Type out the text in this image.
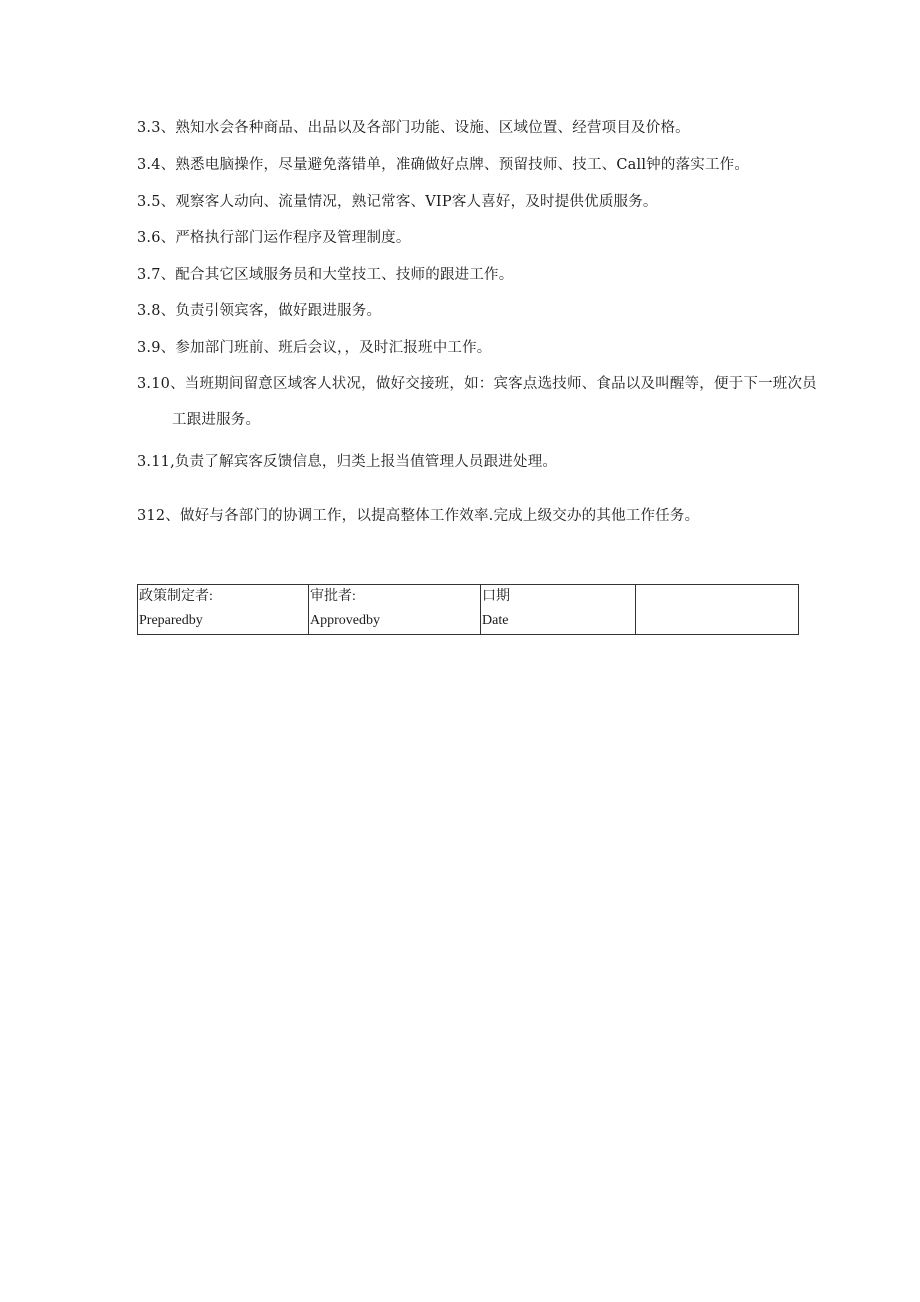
3.3、熟知水会各种商品、出品以及各部门功能、设施、区域位置、经营项目及价格。
3.4、熟悉电脑操作，尽量避免落错单，准确做好点牌、预留技师、技工、Call钟的落实工作。
3.5、观察客人动向、流量情况，熟记常客、VIP客人喜好，及时提供优质服务。
3.6、严格执行部门运作程序及管理制度。
3.7、配合其它区域服务员和大堂技工、技师的跟进工作。
3.8、负责引领宾客，做好跟进服务。
3.9、参加部门班前、班后会议，，及时汇报班中工作。
3.10、当班期间留意区域客人状况，做好交接班，如：宾客点选技师、食品以及叫醒等，便于下一班次员
工跟进服务。
3.11,负责了解宾客反馈信息，归类上报当值管理人员跟进处理。
312、做好与各部门的协调工作，以提高整体工作效率.完成上级交办的其他工作任务。
政策制定者:
Preparedby

审批者:
Approvedby

口期
Date
